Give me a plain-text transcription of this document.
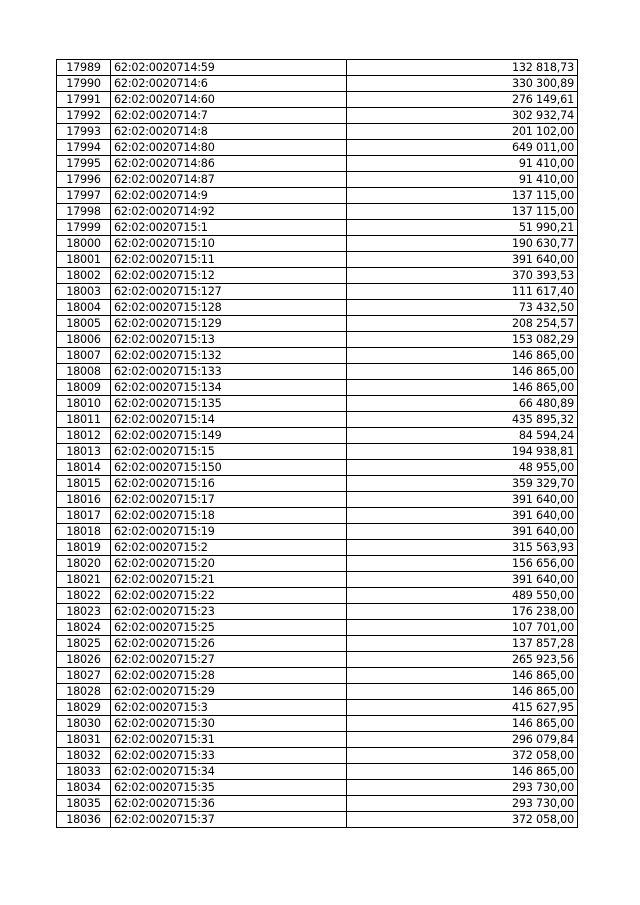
17989	62:02:0020714:59	132 818,73
17990	62:02:0020714:6	330 300,89
17991	62:02:0020714:60	276 149,61
17992	62:02:0020714:7	302 932,74
17993	62:02:0020714:8	201 102,00
17994	62:02:0020714:80	649 011,00
17995	62:02:0020714:86	91 410,00
17996	62:02:0020714:87	91 410,00
17997	62:02:0020714:9	137 115,00
17998	62:02:0020714:92	137 115,00
17999	62:02:0020715:1	51 990,21
18000	62:02:0020715:10	190 630,77
18001	62:02:0020715:11	391 640,00
18002	62:02:0020715:12	370 393,53
18003	62:02:0020715:127	111 617,40
18004	62:02:0020715:128	73 432,50
18005	62:02:0020715:129	208 254,57
18006	62:02:0020715:13	153 082,29
18007	62:02:0020715:132	146 865,00
18008	62:02:0020715:133	146 865,00
18009	62:02:0020715:134	146 865,00
18010	62:02:0020715:135	66 480,89
18011	62:02:0020715:14	435 895,32
18012	62:02:0020715:149	84 594,24
18013	62:02:0020715:15	194 938,81
18014	62:02:0020715:150	48 955,00
18015	62:02:0020715:16	359 329,70
18016	62:02:0020715:17	391 640,00
18017	62:02:0020715:18	391 640,00
18018	62:02:0020715:19	391 640,00
18019	62:02:0020715:2	315 563,93
18020	62:02:0020715:20	156 656,00
18021	62:02:0020715:21	391 640,00
18022	62:02:0020715:22	489 550,00
18023	62:02:0020715:23	176 238,00
18024	62:02:0020715:25	107 701,00
18025	62:02:0020715:26	137 857,28
18026	62:02:0020715:27	265 923,56
18027	62:02:0020715:28	146 865,00
18028	62:02:0020715:29	146 865,00
18029	62:02:0020715:3	415 627,95
18030	62:02:0020715:30	146 865,00
18031	62:02:0020715:31	296 079,84
18032	62:02:0020715:33	372 058,00
18033	62:02:0020715:34	146 865,00
18034	62:02:0020715:35	293 730,00
18035	62:02:0020715:36	293 730,00
18036	62:02:0020715:37	372 058,00
